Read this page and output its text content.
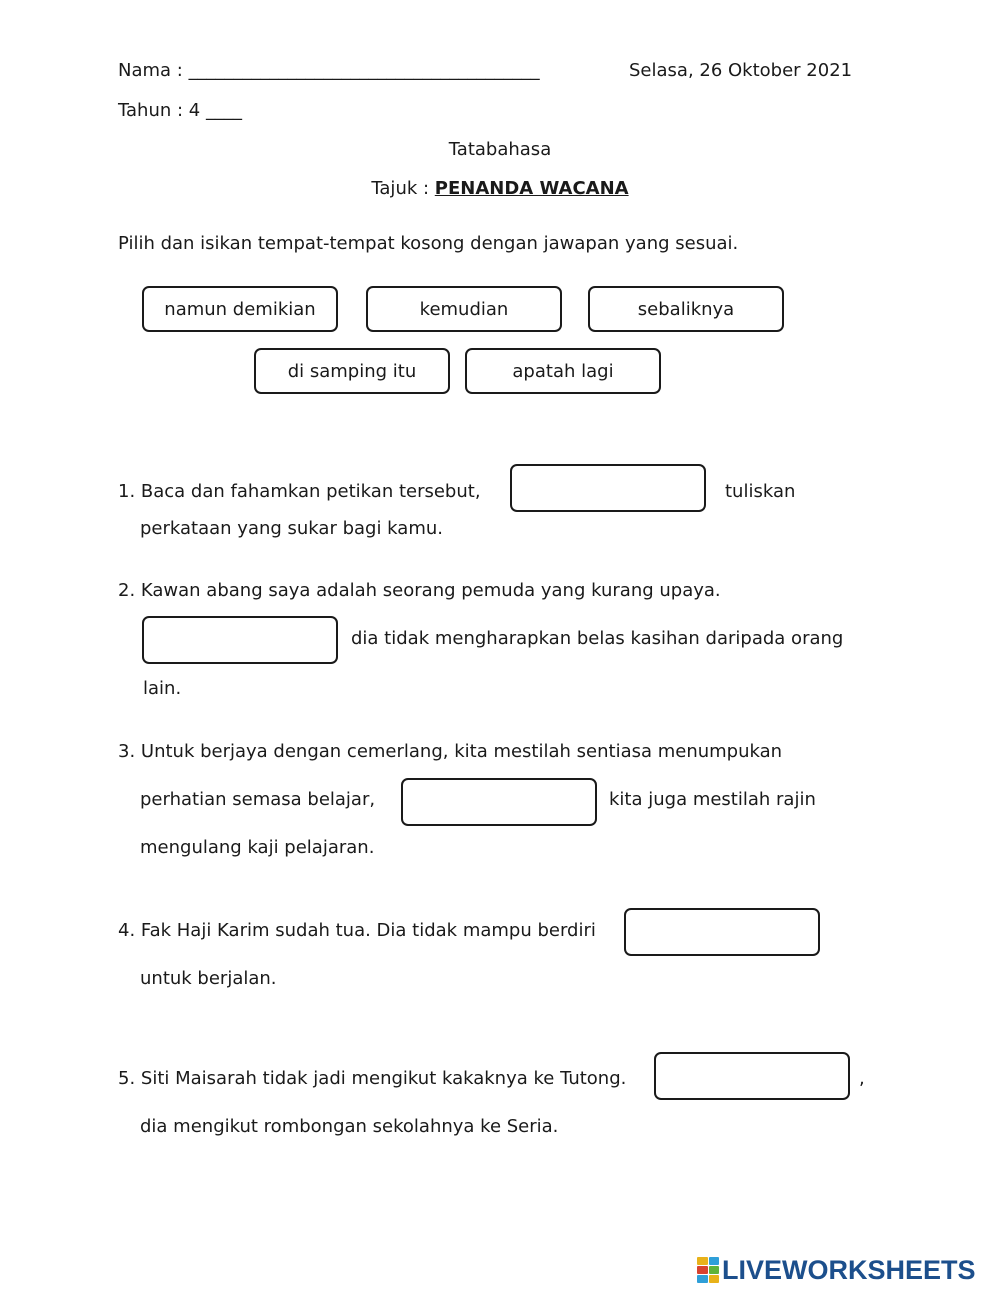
Nama : _______________________________________	Selasa, 26 Oktober 2021
Tahun : 4 ____
Tatabahasa
Tajuk : PENANDA WACANA
Pilih dan isikan tempat-tempat kosong dengan jawapan yang sesuai.
namun demikian	kemudian	sebaliknya
di samping itu	apatah lagi
1. Baca dan fahamkan petikan tersebut,	tuliskan
perkataan yang sukar bagi kamu.
2. Kawan abang saya adalah seorang pemuda yang kurang upaya.
dia tidak mengharapkan belas kasihan daripada orang
lain.
3. Untuk berjaya dengan cemerlang, kita mestilah sentiasa menumpukan
perhatian semasa belajar,	kita juga mestilah rajin
mengulang kaji pelajaran.
4. Fak Haji Karim sudah tua. Dia tidak mampu berdiri
untuk berjalan.
5. Siti Maisarah tidak jadi mengikut kakaknya ke Tutong.	,
dia mengikut rombongan sekolahnya ke Seria.
LIVEWORKSHEETS
